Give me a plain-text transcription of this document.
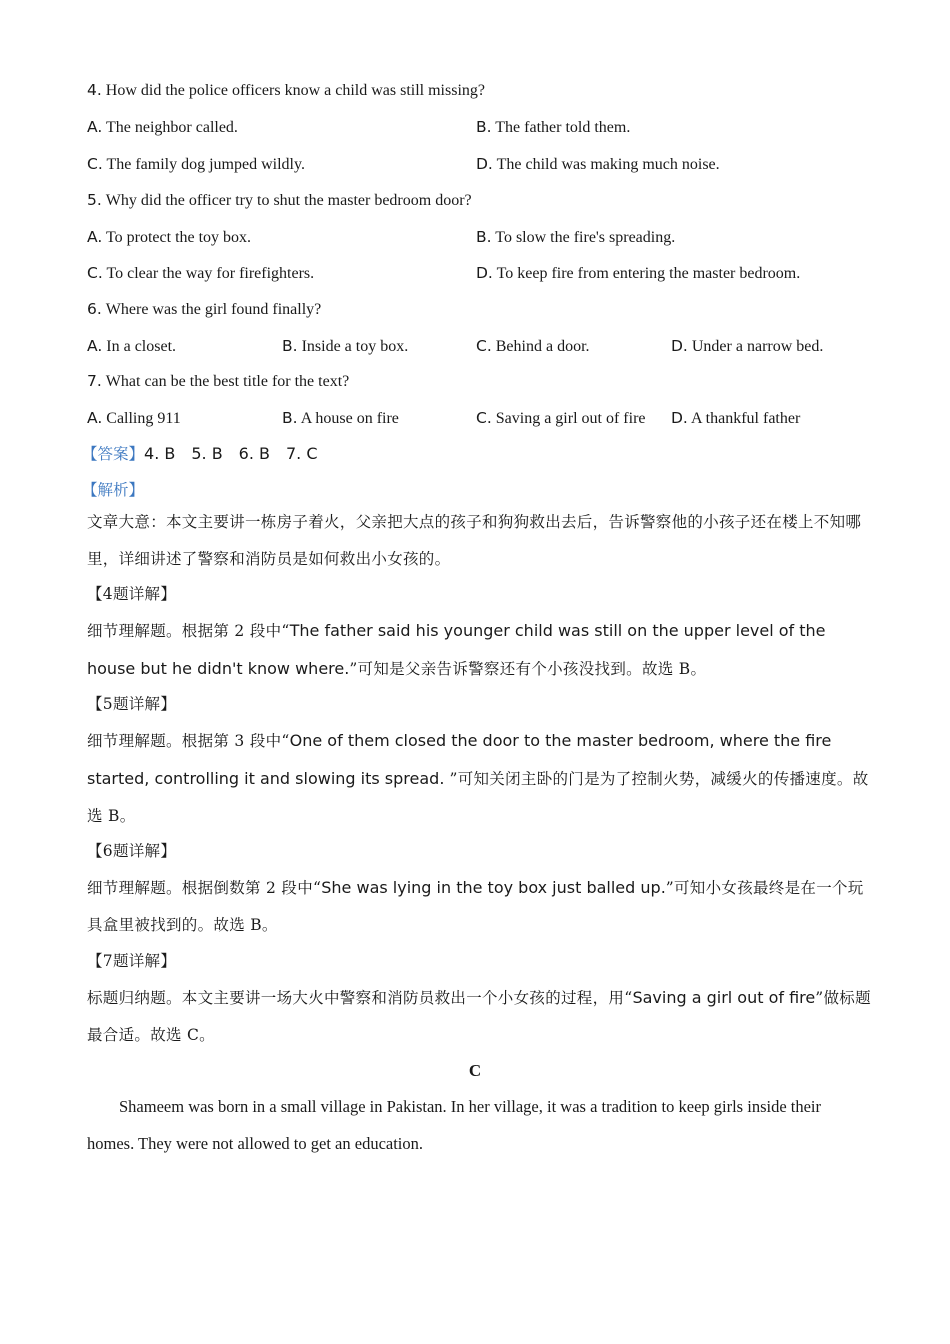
4. How did the police officers know a child was still missing?
A. The neighbor called.	B. The father told them.
C. The family dog jumped wildly.	D. The child was making much noise.
5. Why did the officer try to shut the master bedroom door?
A. To protect the toy box.	B. To slow the fire's spreading.
C. To clear the way for firefighters.	D. To keep fire from entering the master bedroom.
6. Where was the girl found finally?
A. In a closet.	B. Inside a toy box.	C. Behind a door.	D. Under a narrow bed.
7. What can be the best title for the text?
A. Calling 911	B. A house on fire	C. Saving a girl out of fire D. A thankful father
【答案】4. B 5. B 6. B 7. C
【解析】
文章大意：本文主要讲一栋房子着火，父亲把大点的孩子和狗狗救出去后，告诉警察他的小孩子还在楼上不知哪里，详细讲述了警察和消防员是如何救出小女孩的。
【4题详解】
细节理解题。根据第 2 段中“The father said his younger child was still on the upper level of the house but he didn't know where.”可知是父亲告诉警察还有个小孩没找到。故选 B。
【5题详解】
细节理解题。根据第 3 段中“One of them closed the door to the master bedroom, where the fire started, controlling it and slowing its spread. ”可知关闭主卧的门是为了控制火势，减缓火的传播速度。故选 B。
【6题详解】
细节理解题。根据倒数第 2 段中“She was lying in the toy box just balled up.”可知小女孩最终是在一个玩具盒里被找到的。故选 B。
【7题详解】
标题归纳题。本文主要讲一场大火中警察和消防员救出一个小女孩的过程，用“Saving a girl out of fire”做标题最合适。故选 C。
C
Shameem was born in a small village in Pakistan. In her village, it was a tradition to keep girls inside their homes. They were not allowed to get an education.
